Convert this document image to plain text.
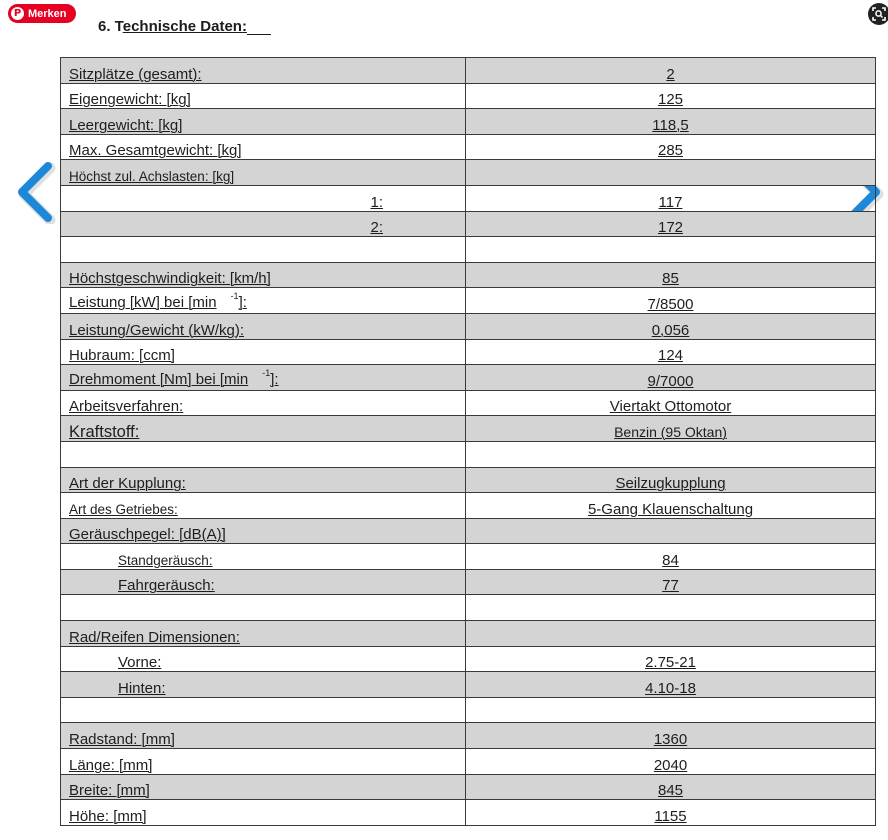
P Merken
6. Technische Daten:
Sitzplätze (gesamt):	2
Eigengewicht: [kg]	125
Leergewicht: [kg]	118,5
Max. Gesamtgewicht: [kg]	285
Höchst zul. Achslasten: [kg]	
1:	117
2:	172

Höchstgeschwindigkeit: [km/h]	85
Leistung [kW] bei [min $^{-1}$]:	7/8500
Leistung/Gewicht (kW/kg):	0,056
Hubraum: [ccm]	124
Drehmoment [Nm] bei [min $^{-1}$]:	9/7000
Arbeitsverfahren:	Viertakt Ottomotor
Kraftstoff:	Benzin (95 Oktan)

Art der Kupplung:	Seilzugkupplung
Art des Getriebes:	5-Gang Klauenschaltung
Geräuschpegel: [dB(A)]	
Standgeräusch:	84
Fahrgeräusch:	77

Rad/Reifen Dimensionen:	
Vorne:	2.75-21
Hinten:	4.10-18

Radstand: [mm]	1360
Länge: [mm]	2040
Breite: [mm]	845
Höhe: [mm]	1155
